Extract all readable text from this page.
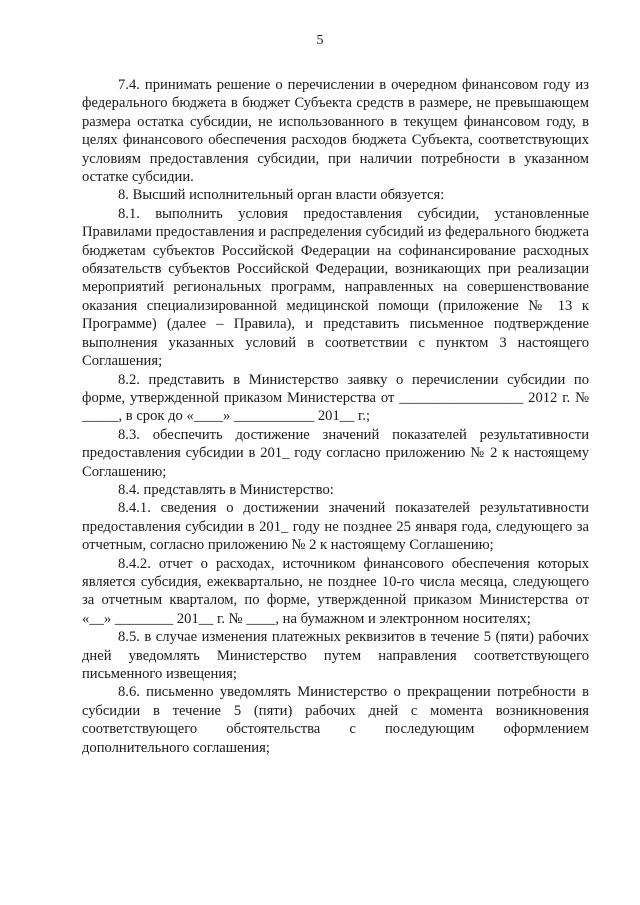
5

7.4. принимать решение о перечислении в очередном финансовом году из федерального бюджета в бюджет Субъекта средств в размере, не превышающем размера остатка субсидии, не использованного в текущем финансовом году, в целях финансового обеспечения расходов бюджета Субъекта, соответствующих условиям предоставления субсидии, при наличии потребности в указанном остатке субсидии.

8. Высший исполнительный орган власти обязуется:

8.1. выполнить условия предоставления субсидии, установленные Правилами предоставления и распределения субсидий из федерального бюджета бюджетам субъектов Российской Федерации на софинансирование расходных обязательств субъектов Российской Федерации, возникающих при реализации мероприятий региональных программ, направленных на совершенствование оказания специализированной медицинской помощи (приложение № 13 к Программе) (далее – Правила), и представить письменное подтверждение выполнения указанных условий в соответствии с пунктом 3 настоящего Соглашения;

8.2. представить в Министерство заявку о перечислении субсидии по форме, утвержденной приказом Министерства от _________________ 2012 г. № _____, в срок до «____» ___________ 201__ г.;

8.3. обеспечить достижение значений показателей результативности предоставления субсидии в 201_ году согласно приложению № 2 к настоящему Соглашению;

8.4. представлять в Министерство:

8.4.1. сведения о достижении значений показателей результативности предоставления субсидии в 201_ году не позднее 25 января года, следующего за отчетным, согласно приложению № 2 к настоящему Соглашению;

8.4.2. отчет о расходах, источником финансового обеспечения которых является субсидия, ежеквартально, не позднее 10-го числа месяца, следующего за отчетным кварталом, по форме, утвержденной приказом Министерства от «__» ________ 201__ г. № ____, на бумажном и электронном носителях;

8.5. в случае изменения платежных реквизитов в течение 5 (пяти) рабочих дней уведомлять Министерство путем направления соответствующего письменного извещения;

8.6. письменно уведомлять Министерство о прекращении потребности в субсидии в течение 5 (пяти) рабочих дней с момента возникновения соответствующего обстоятельства с последующим оформлением дополнительного соглашения;
